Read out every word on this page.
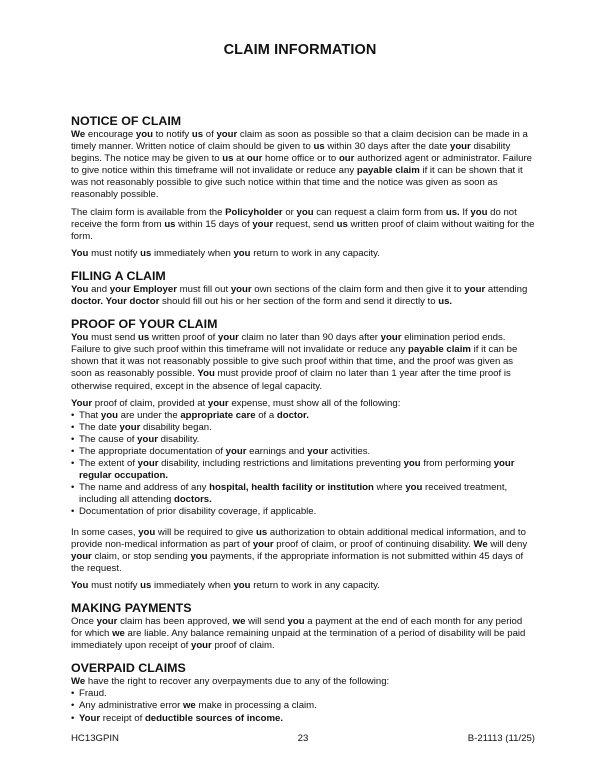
CLAIM INFORMATION
NOTICE OF CLAIM

We encourage you to notify us of your claim as soon as possible so that a claim decision can be made in a timely manner. Written notice of claim should be given to us within 30 days after the date your disability begins. The notice may be given to us at our home office or to our authorized agent or administrator. Failure to give notice within this timeframe will not invalidate or reduce any payable claim if it can be shown that it was not reasonably possible to give such notice within that time and the notice was given as soon as reasonably possible.

The claim form is available from the Policyholder or you can request a claim form from us. If you do not receive the form from us within 15 days of your request, send us written proof of claim without waiting for the form.

You must notify us immediately when you return to work in any capacity.

FILING A CLAIM

You and your Employer must fill out your own sections of the claim form and then give it to your attending doctor. Your doctor should fill out his or her section of the form and send it directly to us.

PROOF OF YOUR CLAIM

You must send us written proof of your claim no later than 90 days after your elimination period ends. Failure to give such proof within this timeframe will not invalidate or reduce any payable claim if it can be shown that it was not reasonably possible to give such proof within that time, and the proof was given as soon as reasonably possible. You must provide proof of claim no later than 1 year after the time proof is otherwise required, except in the absence of legal capacity.

Your proof of claim, provided at your expense, must show all of the following:

• That you are under the appropriate care of a doctor.
• The date your disability began.
• The cause of your disability.
• The appropriate documentation of your earnings and your activities.
• The extent of your disability, including restrictions and limitations preventing you from performing your regular occupation.
• The name and address of any hospital, health facility or institution where you received treatment, including all attending doctors.
• Documentation of prior disability coverage, if applicable.

In some cases, you will be required to give us authorization to obtain additional medical information, and to provide non-medical information as part of your proof of claim, or proof of continuing disability. We will deny your claim, or stop sending you payments, if the appropriate information is not submitted within 45 days of the request.

You must notify us immediately when you return to work in any capacity.

MAKING PAYMENTS

Once your claim has been approved, we will send you a payment at the end of each month for any period for which we are liable. Any balance remaining unpaid at the termination of a period of disability will be paid immediately upon receipt of your proof of claim.

OVERPAID CLAIMS

We have the right to recover any overpayments due to any of the following:

• Fraud.
• Any administrative error we make in processing a claim.
• Your receipt of deductible sources of income.
HC13GPIN	23	B-21113 (11/25)
